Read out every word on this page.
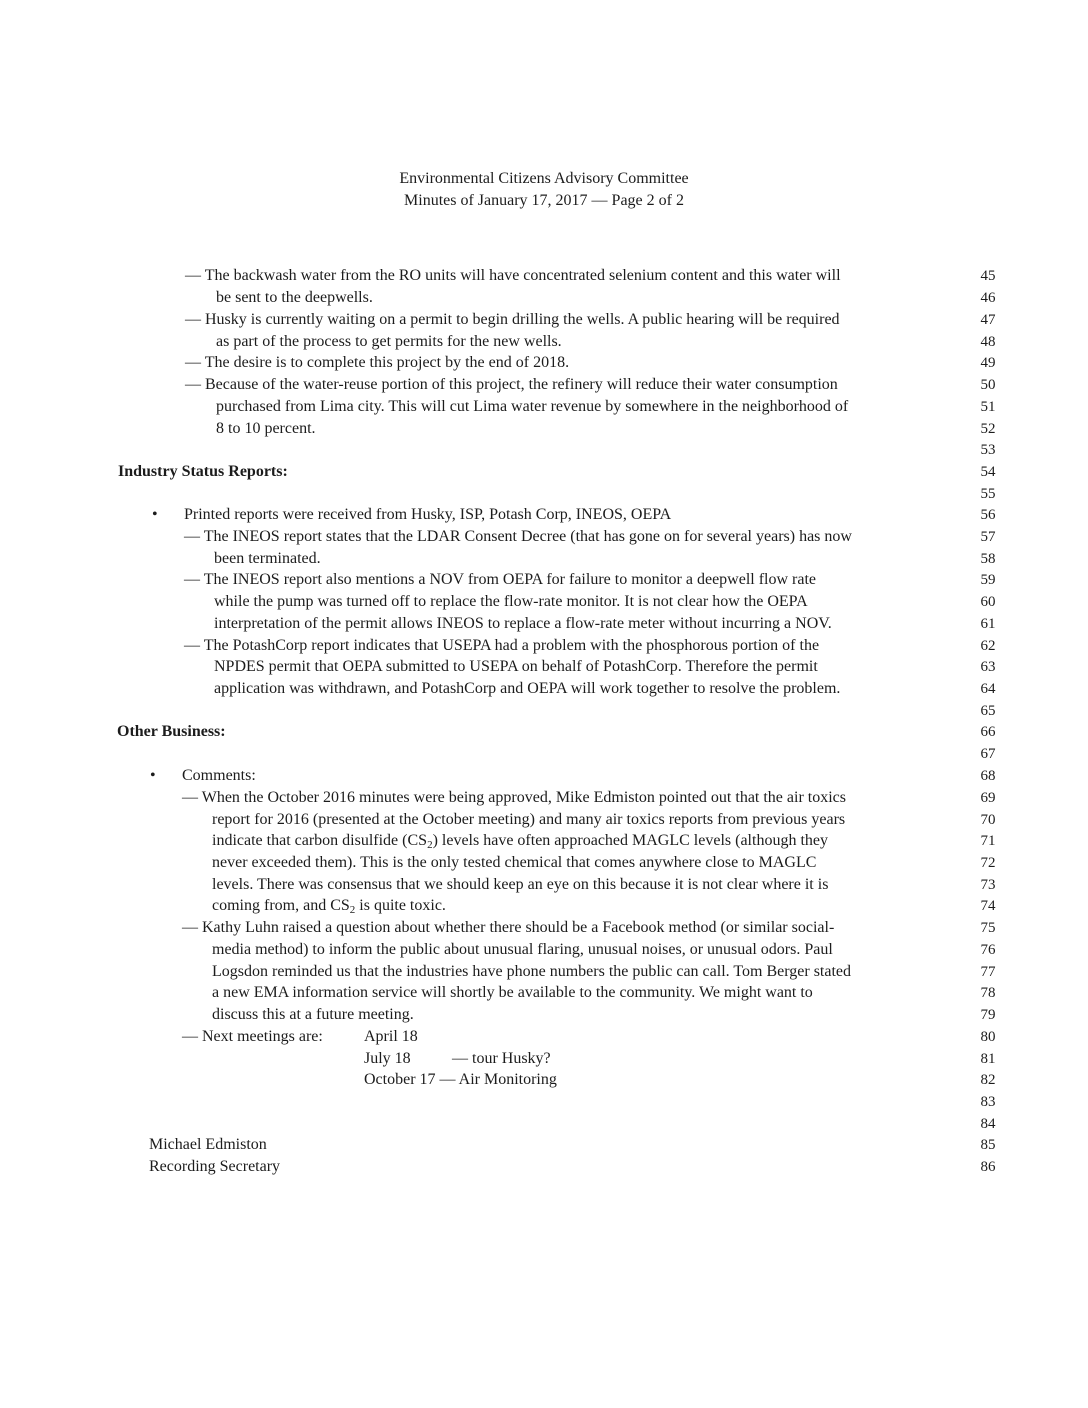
Environmental Citizens Advisory Committee
Minutes of January 17, 2017 — Page 2 of 2
— The backwash water from the RO units will have concentrated selenium content and this water will
be sent to the deepwells.
— Husky is currently waiting on a permit to begin drilling the wells. A public hearing will be required
as part of the process to get permits for the new wells.
— The desire is to complete this project by the end of 2018.
— Because of the water-reuse portion of this project, the refinery will reduce their water consumption
purchased from Lima city. This will cut Lima water revenue by somewhere in the neighborhood of
8 to 10 percent.
Industry Status Reports:
• Printed reports were received from Husky, ISP, Potash Corp, INEOS, OEPA
— The INEOS report states that the LDAR Consent Decree (that has gone on for several years) has now
been terminated.
— The INEOS report also mentions a NOV from OEPA for failure to monitor a deepwell flow rate
while the pump was turned off to replace the flow-rate monitor. It is not clear how the OEPA
interpretation of the permit allows INEOS to replace a flow-rate meter without incurring a NOV.
— The PotashCorp report indicates that USEPA had a problem with the phosphorous portion of the
NPDES permit that OEPA submitted to USEPA on behalf of PotashCorp. Therefore the permit
application was withdrawn, and PotashCorp and OEPA will work together to resolve the problem.
Other Business:
• Comments:
— When the October 2016 minutes were being approved, Mike Edmiston pointed out that the air toxics
report for 2016 (presented at the October meeting) and many air toxics reports from previous years
indicate that carbon disulfide (CS2) levels have often approached MAGLC levels (although they
never exceeded them). This is the only tested chemical that comes anywhere close to MAGLC
levels. There was consensus that we should keep an eye on this because it is not clear where it is
coming from, and CS2 is quite toxic.
— Kathy Luhn raised a question about whether there should be a Facebook method (or similar social-
media method) to inform the public about unusual flaring, unusual noises, or unusual odors. Paul
Logsdon reminded us that the industries have phone numbers the public can call. Tom Berger stated
a new EMA information service will shortly be available to the community. We might want to
discuss this at a future meeting.
— Next meetings are:	April 18
July 18	— tour Husky?
October 17 — Air Monitoring
Michael Edmiston
Recording Secretary
45
46
47
48
49
50
51
52
53
54
55
56
57
58
59
60
61
62
63
64
65
66
67
68
69
70
71
72
73
74
75
76
77
78
79
80
81
82
83
84
85
86
